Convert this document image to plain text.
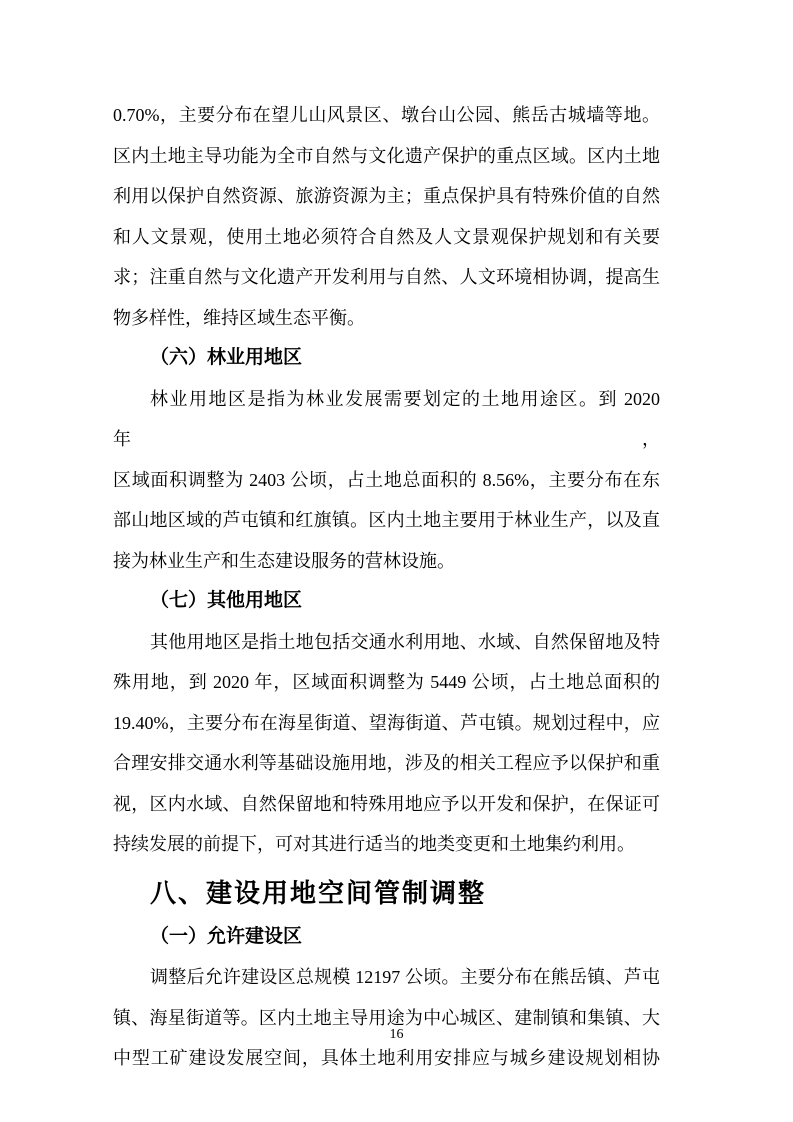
0.70%，主要分布在望儿山风景区、墩台山公园、熊岳古城墙等地。
区内土地主导功能为全市自然与文化遗产保护的重点区域。区内土地
利用以保护自然资源、旅游资源为主；重点保护具有特殊价值的自然
和人文景观，使用土地必须符合自然及人文景观保护规划和有关要
求；注重自然与文化遗产开发利用与自然、人文环境相协调，提高生
物多样性，维持区域生态平衡。
（六）林业用地区
林业用地区是指为林业发展需要划定的土地用途区。到 2020 年，
区域面积调整为 2403 公顷，占土地总面积的 8.56%，主要分布在东
部山地区域的芦屯镇和红旗镇。区内土地主要用于林业生产，以及直
接为林业生产和生态建设服务的营林设施。
（七）其他用地区
其他用地区是指土地包括交通水利用地、水域、自然保留地及特
殊用地，到 2020 年，区域面积调整为 5449 公顷，占土地总面积的
19.40%，主要分布在海星街道、望海街道、芦屯镇。规划过程中，应
合理安排交通水利等基础设施用地，涉及的相关工程应予以保护和重
视，区内水域、自然保留地和特殊用地应予以开发和保护，在保证可
持续发展的前提下，可对其进行适当的地类变更和土地集约利用。
八、建设用地空间管制调整
（一）允许建设区
调整后允许建设区总规模 12197 公顷。主要分布在熊岳镇、芦屯
镇、海星街道等。区内土地主导用途为中心城区、建制镇和集镇、大
中型工矿建设发展空间，具体土地利用安排应与城乡建设规划相协
16
